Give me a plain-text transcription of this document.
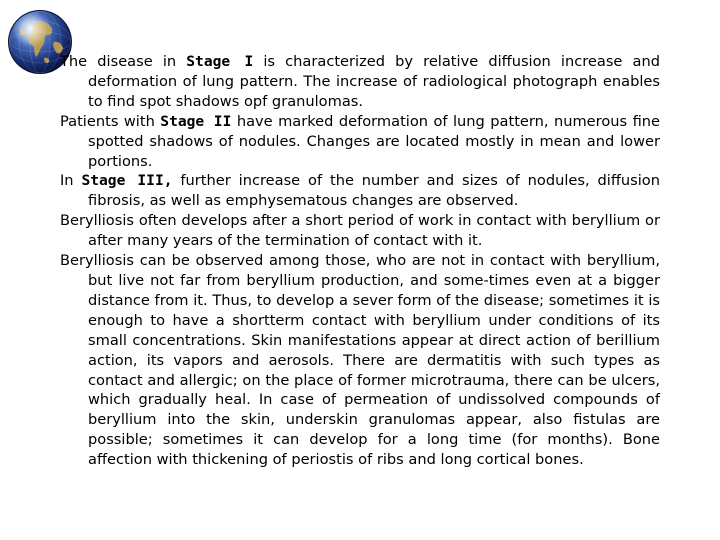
The disease in Stage I is characterized by relative diffusion increase and deformation of lung pattern. The increase of radiological photograph enables to find spot shadows opf granulomas.

Patients with Stage II have marked deformation of lung pattern, numerous fine spotted shadows of nodules. Changes are located mostly in mean and lower portions.

In Stage III, further increase of the number and sizes of nodules, diffusion fibrosis, as well as emphysematous changes are observed.

Berylliosis often develops after a short period of work in contact with beryllium or after many years of the termination of contact with it.

Berylliosis can be observed among those, who are not in contact with beryllium, but live not far from beryllium production, and some-times even at a bigger distance from it. Thus, to develop a sever form of the disease; sometimes it is enough to have a shortterm contact with beryllium under conditions of its small concentrations. Skin manifestations appear at direct action of berillium action, its vapors and aerosols. There are dermatitis with such types as contact and allergic; on the place of former microtrauma, there can be ulcers, which gradually heal. In case of permeation of undissolved compounds of beryllium into the skin, underskin granulomas appear, also fistulas are possible; sometimes it can develop for a long time (for months). Bone affection with thickening of periostis of ribs and long cortical bones.
